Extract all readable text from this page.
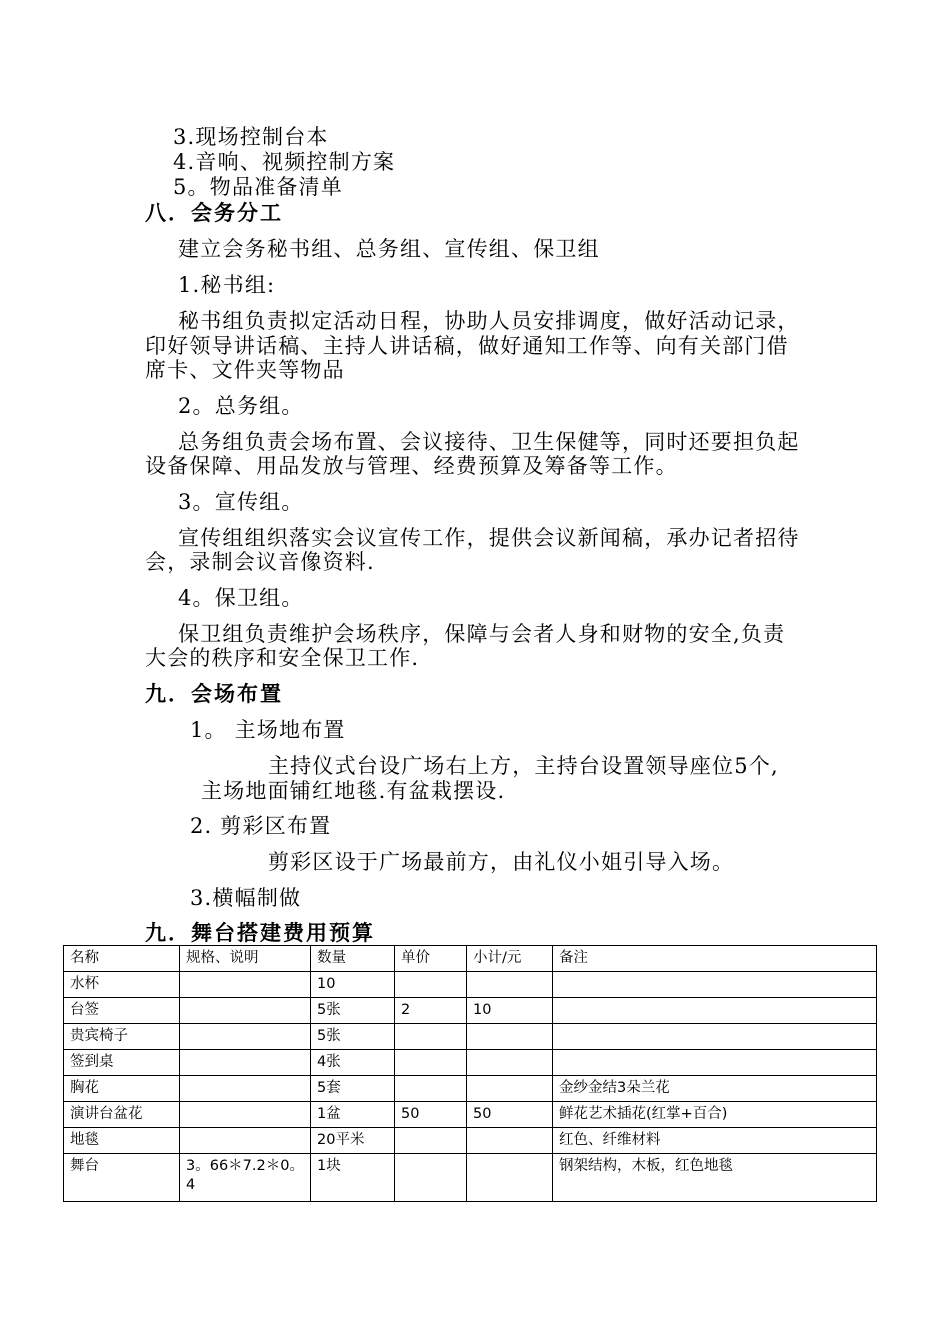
3.现场控制台本
4.音响、视频控制方案
5。物品准备清单
八．会务分工
建立会务秘书组、总务组、宣传组、保卫组
1.秘书组:
秘书组负责拟定活动日程，协助人员安排调度，做好活动记录，
印好领导讲话稿、主持人讲话稿，做好通知工作等、向有关部门借
席卡、文件夹等物品
2。总务组。
总务组负责会场布置、会议接待、卫生保健等，同时还要担负起
设备保障、用品发放与管理、经费预算及筹备等工作。
3。宣传组。
宣传组组织落实会议宣传工作，提供会议新闻稿，承办记者招待
会，录制会议音像资料.
4。保卫组。
保卫组负责维护会场秩序，保障与会者人身和财物的安全,负责
大会的秩序和安全保卫工作.
九．会场布置
1。 主场地布置
主持仪式台设广场右上方，主持台设置领导座位5个,
主场地面铺红地毯.有盆栽摆设.
2. 剪彩区布置
剪彩区设于广场最前方，由礼仪小姐引导入场。
3.横幅制做
九．舞台搭建费用预算
名称	规格、说明	数量	单价	小计/元	备注
水杯		10			
台签		5张	2	10	
贵宾椅子		5张			
签到桌		4张			
胸花		5套			金纱金结3朵兰花
演讲台盆花		1盆	50	50	鲜花艺术插花(红掌+百合)
地毯		20平米			红色、纤维材料
舞台	3。66＊7.2＊0。4	1块			钢架结构，木板，红色地毯
